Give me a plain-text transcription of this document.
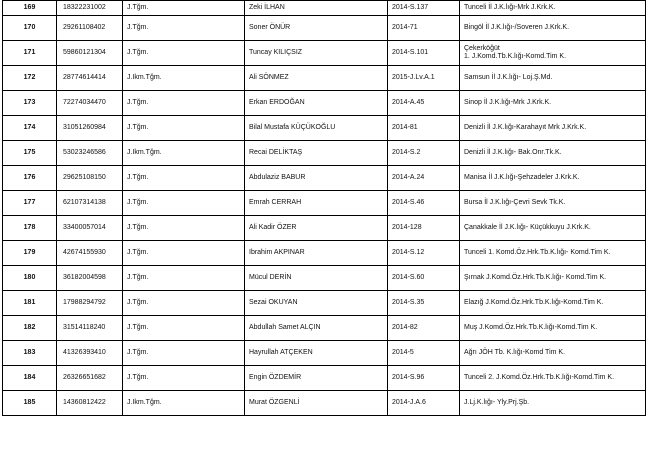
169	18322231002	J.Tğm.	Zeki İLHAN	2014-S.137	Tunceli İl J.K.lığı-Mrk J.Krk.K.
170	29261108402	J.Tğm.	Soner ÖNÜR	2014-71	Bingöl İl J.K.lığı-/Soveren J.Krk.K.
171	59860121304	J.Tğm.	Tuncay KILIÇSIZ	2014-S.101	Çekerköğüt
1. J.Komd.Tb.K.lığı-Komd.Tim K.
172	28774614414	J.Ikm.Tğm.	Ali SÖNMEZ	2015-J.Lv.A.1	Samsun İl J.K.lığı- Loj.Ş.Md.
173	72274034470	J.Tğm.	Erkan ERDOĞAN	2014-A.45	Sinop İl J.K.lığı-Mrk J.Krk.K.
174	31051260984	J.Tğm.	Bilal Mustafa KÜÇÜKOĞLU	2014-81	Denizli İl J.K.lığı-Karahayıt Mrk J.Krk.K.
175	53023246586	J.Ikm.Tğm.	Recai DELİKTAŞ	2014-S.2	Denizli İl J.K.lığı- Bak.Onr.Tk.K.
176	29625108150	J.Tğm.	Abdulaziz BABUR	2014-A.24	Manisa İl J.K.lığı-Şehzadeler J.Krk.K.
177	62107314138	J.Tğm.	Emrah CERRAH	2014-S.46	Bursa İl J.K.lığı-Çevri Sevk Tk.K.
178	33400057014	J.Tğm.	Ali Kadir ÖZER	2014-128	Çanakkale İl J.K.lığı- Küçükkuyu J.Krk.K.
179	42674155930	J.Tğm.	Ibrahim AKPINAR	2014-S.12	Tunceli 1. Komd.Öz.Hrk.Tb.K.lığı- Komd.Tim K.
180	36182004598	J.Tğm.	Mücul DERİN	2014-S.60	Şırnak J.Komd.Öz.Hrk.Tb.K.lığı- Komd.Tim K.
181	17988294792	J.Tğm.	Sezai OKUYAN	2014-S.35	Elazığ J.Komd.Öz.Hrk.Tb.K.lığı-Komd.Tim K.
182	31514118240	J.Tğm.	Abdullah Samet ALÇIN	2014-82	Muş J.Komd.Öz.Hrk.Tb.K.lığı-Komd.Tim K.
183	41326393410	J.Tğm.	Hayrullah ATÇEKEN	2014-5	Ağrı JÖH Tb. K.lığı-Komd Tim K.
184	26326651682	J.Tğm.	Engin ÖZDEMİR	2014-S.96	Tunceli 2. J.Komd.Öz.Hrk.Tb.K.lığı-Komd.Tim K.
185	14360812422	J.Ikm.Tğm.	Murat ÖZGENLİ	2014-J.A.6	J.Lj.K.lığı- Yly.Prj.Şb.
